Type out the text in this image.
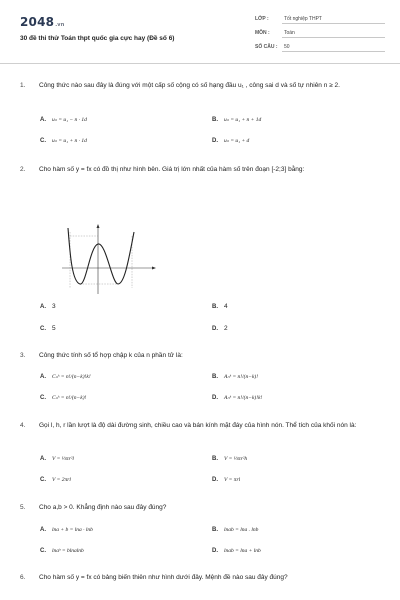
2048.vn
30 đề thi thử Toán thpt quốc gia cực hay (Đề số 6)
LỚP :	Tốt nghiệp THPT
MÔN :	Toán
SỐ CÂU : 50
1.	Công thức nào sau đây là đúng với một cấp số cộng có số hạng đầu u₁ , công sai d và số tự nhiên n ≥ 2.
A. uₙ = u₁ − n · 1d	B. uₙ = u₁ + n + 1d
C. uₙ = u₁ + n · 1d	D. uₙ = u₁ + d
2.	Cho hàm số y = fx có đồ thị như hình bên. Giá trị lớn nhất của hàm số trên đoạn [-2;3] bằng:
A. 3	B. 4
C. 5	D. 2
3.	Công thức tính số tổ hợp chập k của n phần tử là:
A. Cₙᵏ = n!/(n−k)!k!	B. Aₙᵏ = n!/(n−k)!
C. Cₙᵏ = n!/(n−k)!	D. Aₙᵏ = n!/(n−k)!k!
4.	Gọi l, h, r lần lượt là độ dài đường sinh, chiều cao và bán kính mặt đáy của hình nón. Thể tích của khối nón là:
A. V = ⅓πr²l	B. V = ⅓πr²h
C. V = 2πrl	D. V = πrl
5.	Cho a,b > 0. Khẳng định nào sau đây đúng?
A. lna + b = lna · lnb	B. lnab = lna . lnb
C. lnaᵇ = blnalnb	D. lnab = lna + lnb
6.	Cho hàm số y = fx có bảng biến thiên như hình dưới đây. Mệnh đề nào sau đây đúng?
